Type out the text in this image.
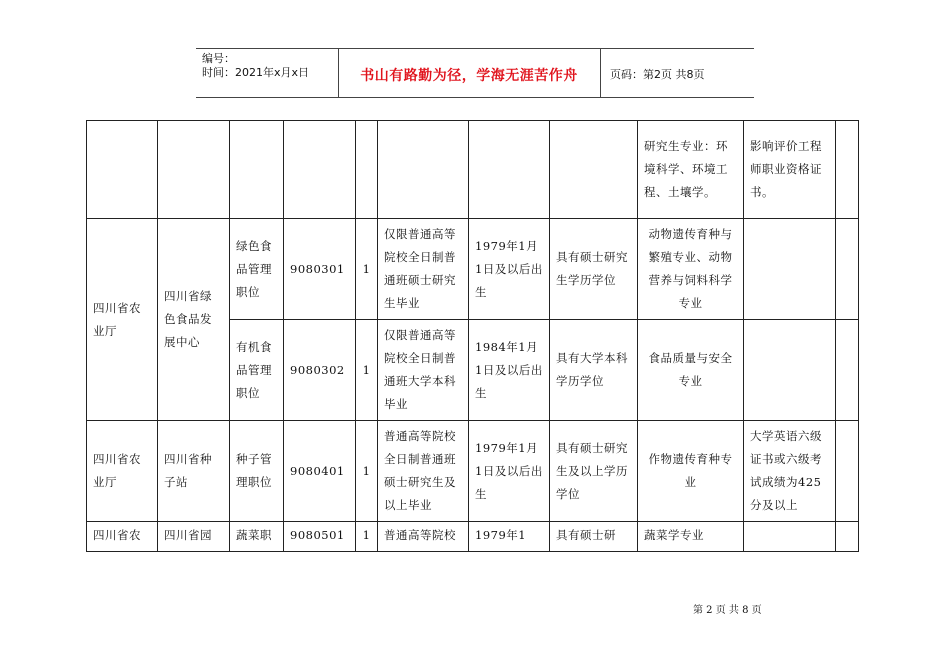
编号：
时间：2021年x月x日	书山有路勤为径，学海无涯苦作舟	页码：第2页 共8页
								研究生专业：环境科学、环境工程、土壤学。	影响评价工程师职业资格证书。	
四川省农业厅	四川省绿色食品发展中心	绿色食品管理职位	9080301	1	仅限普通高等院校全日制普通班硕士研究生毕业	1979年1月1日及以后出生	具有硕士研究生学历学位	动物遗传育种与繁殖专业、动物营养与饲料科学专业		
		有机食品管理职位	9080302	1	仅限普通高等院校全日制普通班大学本科毕业	1984年1月1日及以后出生	具有大学本科学历学位	食品质量与安全专业		
四川省农业厅	四川省种子站	种子管理职位	9080401	1	普通高等院校全日制普通班硕士研究生及以上毕业	1979年1月1日及以后出生	具有硕士研究生及以上学历学位	作物遗传育种专业	大学英语六级证书或六级考试成绩为425分及以上	
四川省农	四川省园	蔬菜职	9080501	1	普通高等院校	1979年1	具有硕士研	蔬菜学专业		
第 2 页 共 8 页
